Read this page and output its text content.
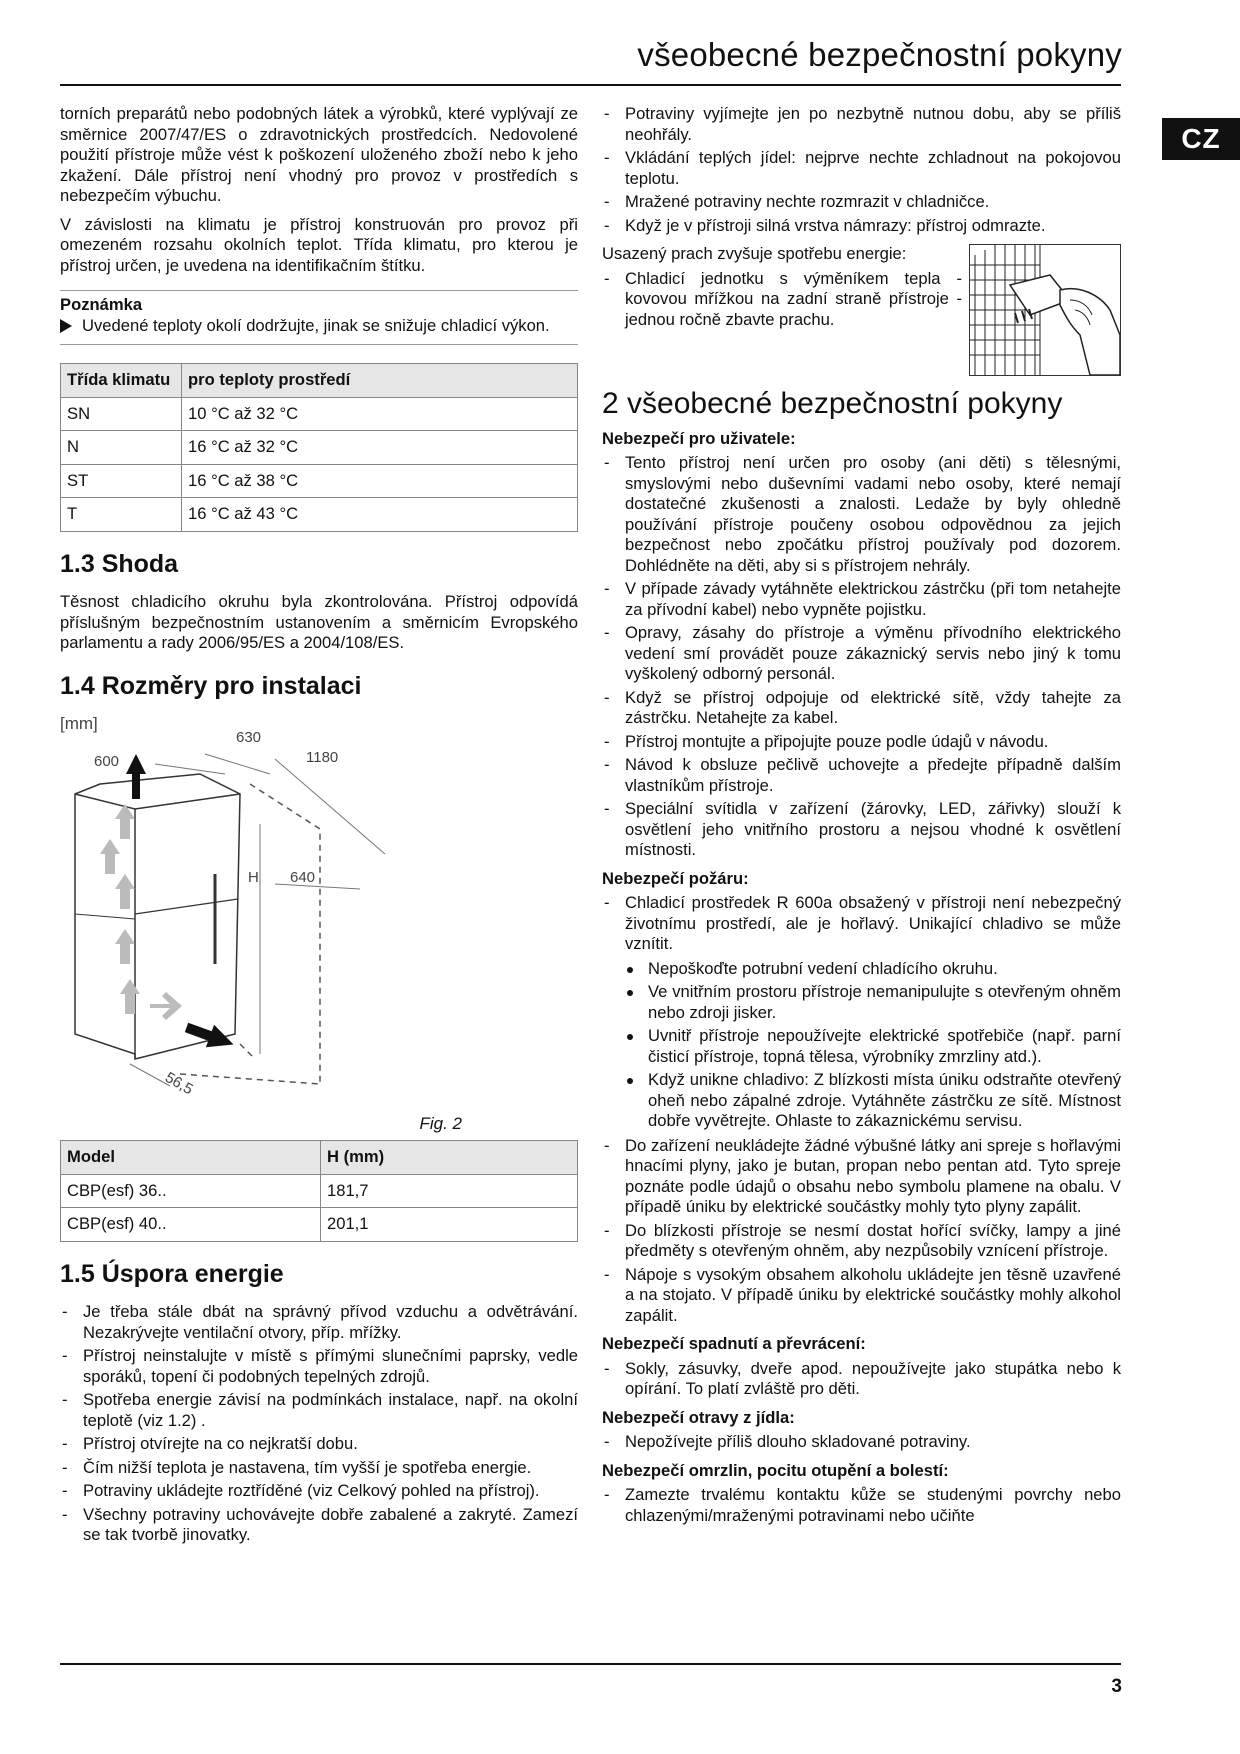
všeobecné bezpečnostní pokyny
CZ

torních preparátů nebo podobných látek a výrobků, které vyplývají ze směrnice 2007/47/ES o zdravotnických prostředcích. Nedovolené použití přístroje může vést k poškození uloženého zboží nebo k jeho zkažení. Dále přístroj není vhodný pro provoz v prostředích s nebezpečím výbuchu.

V závislosti na klimatu je přístroj konstruován pro provoz při omezeném rozsahu okolních teplot. Třída klimatu, pro kterou je přístroj určen, je uvedena na identifikačním štítku.

Poznámka
Uvedené teploty okolí dodržujte, jinak se snižuje chladicí výkon.
Třída klimatu	pro teploty prostředí
SN	10 °C až 32 °C
N	16 °C až 32 °C
ST	16 °C až 38 °C
T	16 °C až 43 °C
1.3 Shoda

Těsnost chladicího okruhu byla zkontrolována. Přístroj odpovídá příslušným bezpečnostním ustanovením a směrnicím Evropského parlamentu a rady 2006/95/ES a 2004/108/ES.

1.4 Rozměry pro instalaci
[mm]
600
630
1180
H 640
56,5
Fig. 2
Model	H (mm)
CBP(esf) 36..	181,7
CBP(esf) 40..	201,1
1.5 Úspora energie
- Je třeba stále dbát na správný přívod vzduchu a odvětrávání. Nezakrývejte ventilační otvory, příp. mřížky.
- Přístroj neinstalujte v místě s přímými slunečními paprsky, vedle sporáků, topení či podobných tepelných zdrojů.
- Spotřeba energie závisí na podmínkách instalace, např. na okolní teplotě (viz 1.2) .
- Přístroj otvírejte na co nejkratší dobu.
- Čím nižší teplota je nastavena, tím vyšší je spotřeba energie.
- Potraviny ukládejte roztříděné (viz Celkový pohled na přístroj).
- Všechny potraviny uchovávejte dobře zabalené a zakryté. Zamezí se tak tvorbě jinovatky.
- Potraviny vyjímejte jen po nezbytně nutnou dobu, aby se příliš neohřály.
- Vkládání teplých jídel: nejprve nechte zchladnout na pokojovou teplotu.
- Mražené potraviny nechte rozmrazit v chladničce.
- Když je v přístroji silná vrstva námrazy: přístroj odmrazte.
Usazený prach zvyšuje spotřebu energie:
- Chladicí jednotku s výměníkem tepla - kovovou mřížkou na zadní straně přístroje - jednou ročně zbavte prachu.
2 všeobecné bezpečnostní pokyny
Nebezpečí pro uživatele:
- Tento přístroj není určen pro osoby (ani děti) s tělesnými, smyslovými nebo duševními vadami nebo osoby, které nemají dostatečné zkušenosti a znalosti. Ledaže by byly ohledně používání přístroje poučeny osobou odpovědnou za jejich bezpečnost nebo zpočátku přístroj používaly pod dozorem. Dohlédněte na děti, aby si s přístrojem nehrály.
- V případe závady vytáhněte elektrickou zástrčku (při tom netahejte za přívodní kabel) nebo vypněte pojistku.
- Opravy, zásahy do přístroje a výměnu přívodního elektrického vedení smí provádět pouze zákaznický servis nebo jiný k tomu vyškolený odborný personál.
- Když se přístroj odpojuje od elektrické sítě, vždy tahejte za zástrčku. Netahejte za kabel.
- Přístroj montujte a připojujte pouze podle údajů v návodu.
- Návod k obsluze pečlivě uchovejte a předejte případně dalším vlastníkům přístroje.
- Speciální svítidla v zařízení (žárovky, LED, zářivky) slouží k osvětlení jeho vnitřního prostoru a nejsou vhodné k osvětlení místnosti.
Nebezpečí požáru:
- Chladicí prostředek R 600a obsažený v přístroji není nebezpečný životnímu prostředí, ale je hořlavý. Unikající chladivo se může vznítit.
Nepoškoďte potrubní vedení chladícího okruhu.
Ve vnitřním prostoru přístroje nemanipulujte s otevřeným ohněm nebo zdroji jisker.
Uvnitř přístroje nepoužívejte elektrické spotřebiče (např. parní čisticí přístroje, topná tělesa, výrobníky zmrzliny atd.).
Když unikne chladivo: Z blízkosti místa úniku odstraňte otevřený oheň nebo zápalné zdroje. Vytáhněte zástrčku ze sítě. Místnost dobře vyvětrejte. Ohlaste to zákaznickému servisu.
- Do zařízení neukládejte žádné výbušné látky ani spreje s hořlavými hnacími plyny, jako je butan, propan nebo pentan atd. Tyto spreje poznáte podle údajů o obsahu nebo symbolu plamene na obalu. V případě úniku by elektrické součástky mohly tyto plyny zapálit.
- Do blízkosti přístroje se nesmí dostat hořící svíčky, lampy a jiné předměty s otevřeným ohněm, aby nezpůsobily vznícení přístroje.
- Nápoje s vysokým obsahem alkoholu ukládejte jen těsně uzavřené a na stojato. V případě úniku by elektrické součástky mohly alkohol zapálit.
Nebezpečí spadnutí a převrácení:
- Sokly, zásuvky, dveře apod. nepoužívejte jako stupátka nebo k opírání. To platí zvláště pro děti.
Nebezpečí otravy z jídla:
- Nepožívejte příliš dlouho skladované potraviny.
Nebezpečí omrzlin, pocitu otupění a bolestí:
- Zamezte trvalému kontaktu kůže se studenými povrchy nebo chlazenými/mraženými potravinami nebo učiňte
3
